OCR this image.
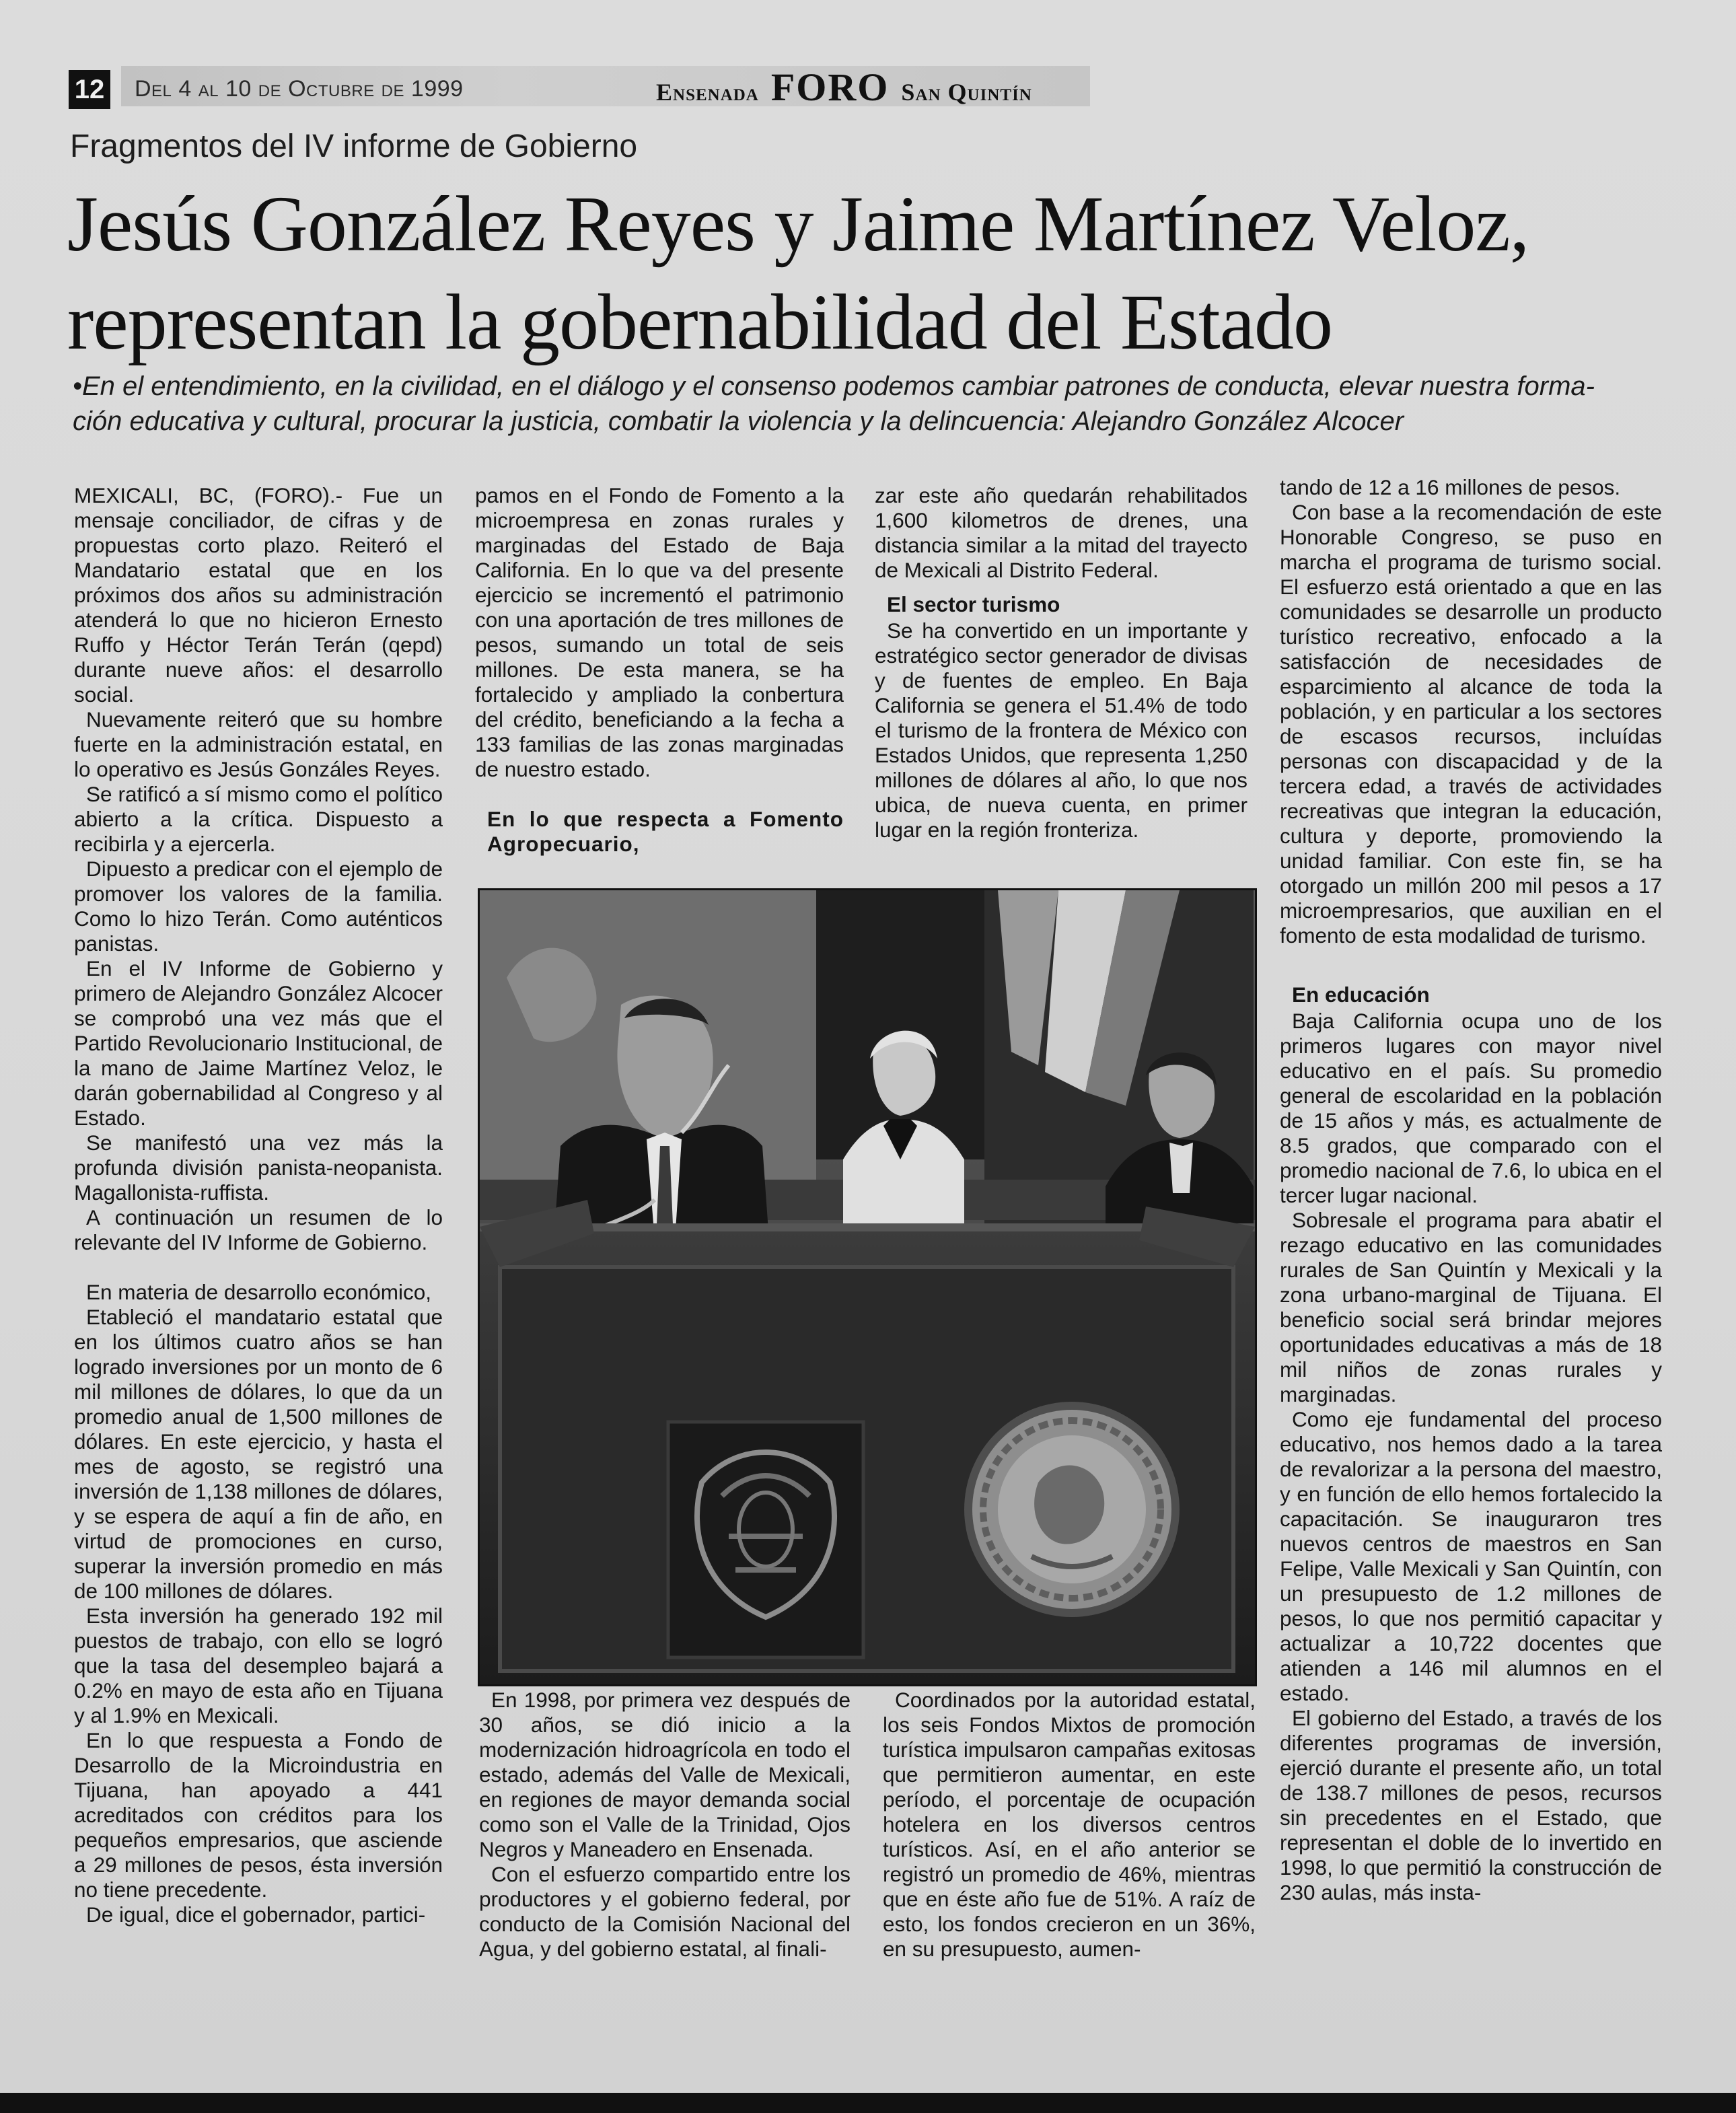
12 Del 4 al 10 de Octubre de 1999	Ensenada FORO San Quintín
Fragmentos del IV informe de Gobierno
Jesús González Reyes y Jaime Martínez Veloz,
representan la gobernabilidad del Estado
•En el entendimiento, en la civilidad, en el diálogo y el consenso podemos cambiar patrones de conducta, elevar nuestra forma-
ción educativa y cultural, procurar la justicia, combatir la violencia y la delincuencia: Alejandro González Alcocer

MEXICALI, BC, (FORO).- Fue un mensaje conciliador, de cifras y de propuestas corto plazo. Reiteró el Mandatario estatal que en los próximos dos años su administración atenderá lo que no hicieron Ernesto Ruffo y Héctor Terán Terán (qepd) durante nueve años: el desarrollo social.

Nuevamente reiteró que su hombre fuerte en la administración estatal, en lo operativo es Jesús Gonzáles Reyes.

Se ratificó a sí mismo como el político abierto a la crítica. Dispuesto a recibirla y a ejercerla.

Dipuesto a predicar con el ejemplo de promover los valores de la familia. Como lo hizo Terán. Como auténticos panistas.

En el IV Informe de Gobierno y primero de Alejandro González Alcocer se comprobó una vez más que el Partido Revolucionario Institucional, de la mano de Jaime Martínez Veloz, le darán gobernabilidad al Congreso y al Estado.

Se manifestó una vez más la profunda división panista-neopanista. Magallonista-ruffista.

A continuación un resumen de lo relevante del IV Informe de Gobierno.

En materia de desarrollo económico,

Etableció el mandatario estatal que en los últimos cuatro años se han logrado inversiones por un monto de 6 mil millones de dólares, lo que da un promedio anual de 1,500 millones de dólares. En este ejercicio, y hasta el mes de agosto, se registró una inversión de 1,138 millones de dólares, y se espera de aquí a fin de año, en virtud de promociones en curso, superar la inversión promedio en más de 100 millones de dólares.

Esta inversión ha generado 192 mil puestos de trabajo, con ello se logró que la tasa del desempleo bajará a 0.2% en mayo de esta año en Tijuana y al 1.9% en Mexicali.

En lo que respuesta a Fondo de Desarrollo de la Microindustria en Tijuana, han apoyado a 441 acreditados con créditos para los pequeños empresarios, que asciende a 29 millones de pesos, ésta inversión no tiene precedente.

De igual, dice el gobernador, partici-

pamos en el Fondo de Fomento a la microempresa en zonas rurales y marginadas del Estado de Baja California. En lo que va del presente ejercicio se incrementó el patrimonio con una aportación de tres millones de pesos, sumando un total de seis millones. De esta manera, se ha fortalecido y ampliado la conbertura del crédito, beneficiando a la fecha a 133 familias de las zonas marginadas de nuestro estado.

En lo que respecta a Fomento Agropecuario,

En 1998, por primera vez después de 30 años, se dió inicio a la modernización hidroagrícola en todo el estado, además del Valle de Mexicali, en regiones de mayor demanda social como son el Valle de la Trinidad, Ojos Negros y Maneadero en Ensenada.

Con el esfuerzo compartido entre los productores y el gobierno federal, por conducto de la Comisión Nacional del Agua, y del gobierno estatal, al finali-

zar este año quedarán rehabilitados 1,600 kilometros de drenes, una distancia similar a la mitad del trayecto de Mexicali al Distrito Federal.

El sector turismo

Se ha convertido en un importante y estratégico sector generador de divisas y de fuentes de empleo. En Baja California se genera el 51.4% de todo el turismo de la frontera de México con Estados Unidos, que representa 1,250 millones de dólares al año, lo que nos ubica, de nueva cuenta, en primer lugar en la región fronteriza.

Coordinados por la autoridad estatal, los seis Fondos Mixtos de promoción turística impulsaron campañas exitosas que permitieron aumentar, en este período, el porcentaje de ocupación hotelera en los diversos centros turísticos. Así, en el año anterior se registró un promedio de 46%, mientras que en éste año fue de 51%. A raíz de esto, los fondos crecieron en un 36%, en su presupuesto, aumen-

tando de 12 a 16 millones de pesos.

Con base a la recomendación de este Honorable Congreso, se puso en marcha el programa de turismo social. El esfuerzo está orientado a que en las comunidades se desarrolle un producto turístico recreativo, enfocado a la satisfacción de necesidades de esparcimiento al alcance de toda la población, y en particular a los sectores de escasos recursos, incluídas personas con discapacidad y de la tercera edad, a través de actividades recreativas que integran la educación, cultura y deporte, promoviendo la unidad familiar. Con este fin, se ha otorgado un millón 200 mil pesos a 17 microempresarios, que auxilian en el fomento de esta modalidad de turismo.

En educación

Baja California ocupa uno de los primeros lugares con mayor nivel educativo en el país. Su promedio general de escolaridad en la población de 15 años y más, es actualmente de 8.5 grados, que comparado con el promedio nacional de 7.6, lo ubica en el tercer lugar nacional.

Sobresale el programa para abatir el rezago educativo en las comunidades rurales de San Quintín y Mexicali y la zona urbano-marginal de Tijuana. El beneficio social será brindar mejores oportunidades educativas a más de 18 mil niños de zonas rurales y marginadas.

Como eje fundamental del proceso educativo, nos hemos dado a la tarea de revalorizar a la persona del maestro, y en función de ello hemos fortalecido la capacitación. Se inauguraron tres nuevos centros de maestros en San Felipe, Valle Mexicali y San Quintín, con un presupuesto de 1.2 millones de pesos, lo que nos permitió capacitar y actualizar a 10,722 docentes que atienden a 146 mil alumnos en el estado.

El gobierno del Estado, a través de los diferentes programas de inversión, ejerció durante el presente año, un total de 138.7 millones de pesos, recursos sin precedentes en el Estado, que representan el doble de lo invertido en 1998, lo que permitió la construcción de 230 aulas, más insta-
